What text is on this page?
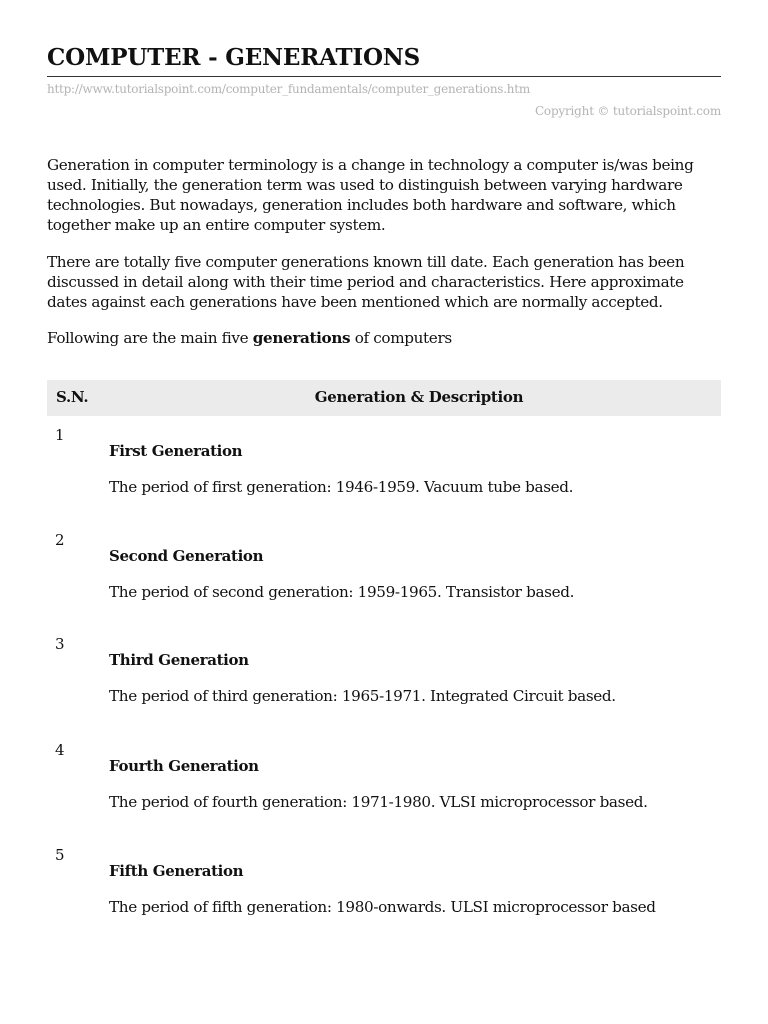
COMPUTER - GENERATIONS
http://www.tutorialspoint.com/computer_fundamentals/computer_generations.htm
Copyright © tutorialspoint.com

Generation in computer terminology is a change in technology a computer is/was being used. Initially, the generation term was used to distinguish between varying hardware technologies. But nowadays, generation includes both hardware and software, which together make up an entire computer system.

There are totally five computer generations known till date. Each generation has been discussed in detail along with their time period and characteristics. Here approximate dates against each generations have been mentioned which are normally accepted.

Following are the main five generations of computers

S.N.	Generation & Description
1
First Generation
The period of first generation: 1946-1959. Vacuum tube based.
2
Second Generation
The period of second generation: 1959-1965. Transistor based.
3
Third Generation
The period of third generation: 1965-1971. Integrated Circuit based.
4
Fourth Generation
The period of fourth generation: 1971-1980. VLSI microprocessor based.
5
Fifth Generation
The period of fifth generation: 1980-onwards. ULSI microprocessor based
